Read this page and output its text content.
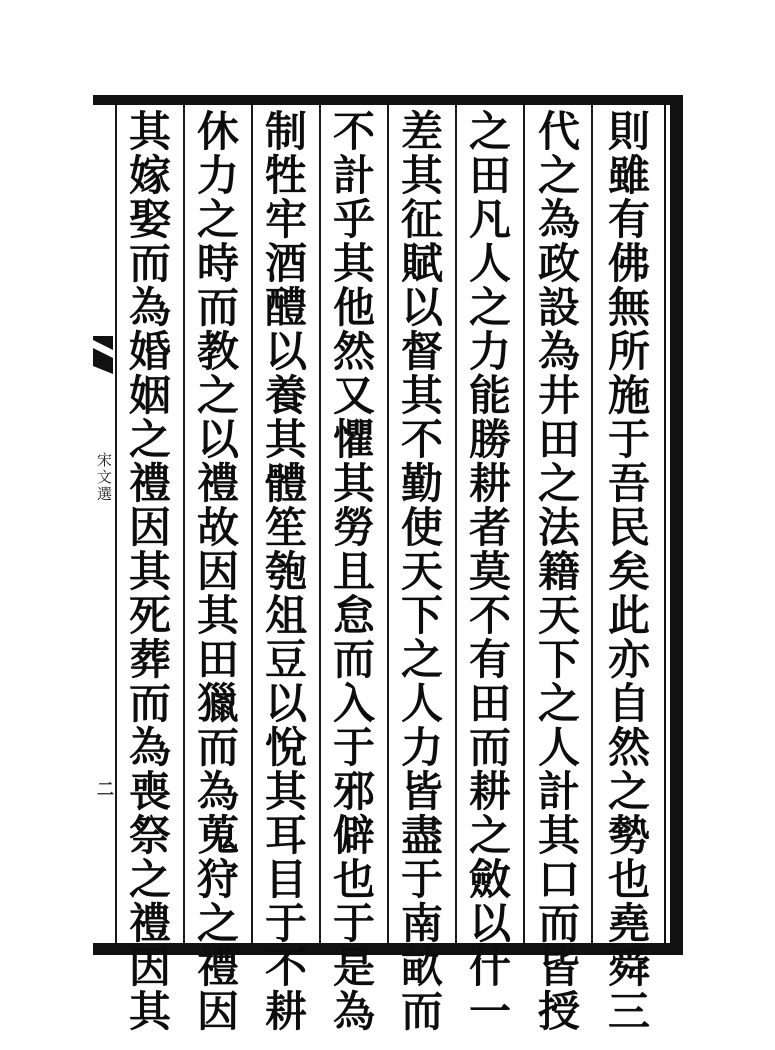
宋文選
二
則
雖
有
佛
無
所
施
于
吾
民
矣
此
亦
自
然
之
勢
也
堯
舜
三
代
之
為
政
設
為
井
田
之
法
籍
天
下
之
人
計
其
口
而
皆
授
之
田
凡
人
之
力
能
勝
耕
者
莫
不
有
田
而
耕
之
斂
以
什
一
差
其
征
賦
以
督
其
不
勤
使
天
下
之
人
力
皆
盡
于
南
畝
而
不
計
乎
其
他
然
又
懼
其
勞
且
怠
而
入
于
邪
僻
也
于
是
為
制
牲
牢
酒
醴
以
養
其
體
笙
匏
俎
豆
以
悅
其
耳
目
于
不
耕
休
力
之
時
而
教
之
以
禮
故
因
其
田
獵
而
為
蒐
狩
之
禮
因
其
嫁
娶
而
為
婚
姻
之
禮
因
其
死
葬
而
為
喪
祭
之
禮
因
其
